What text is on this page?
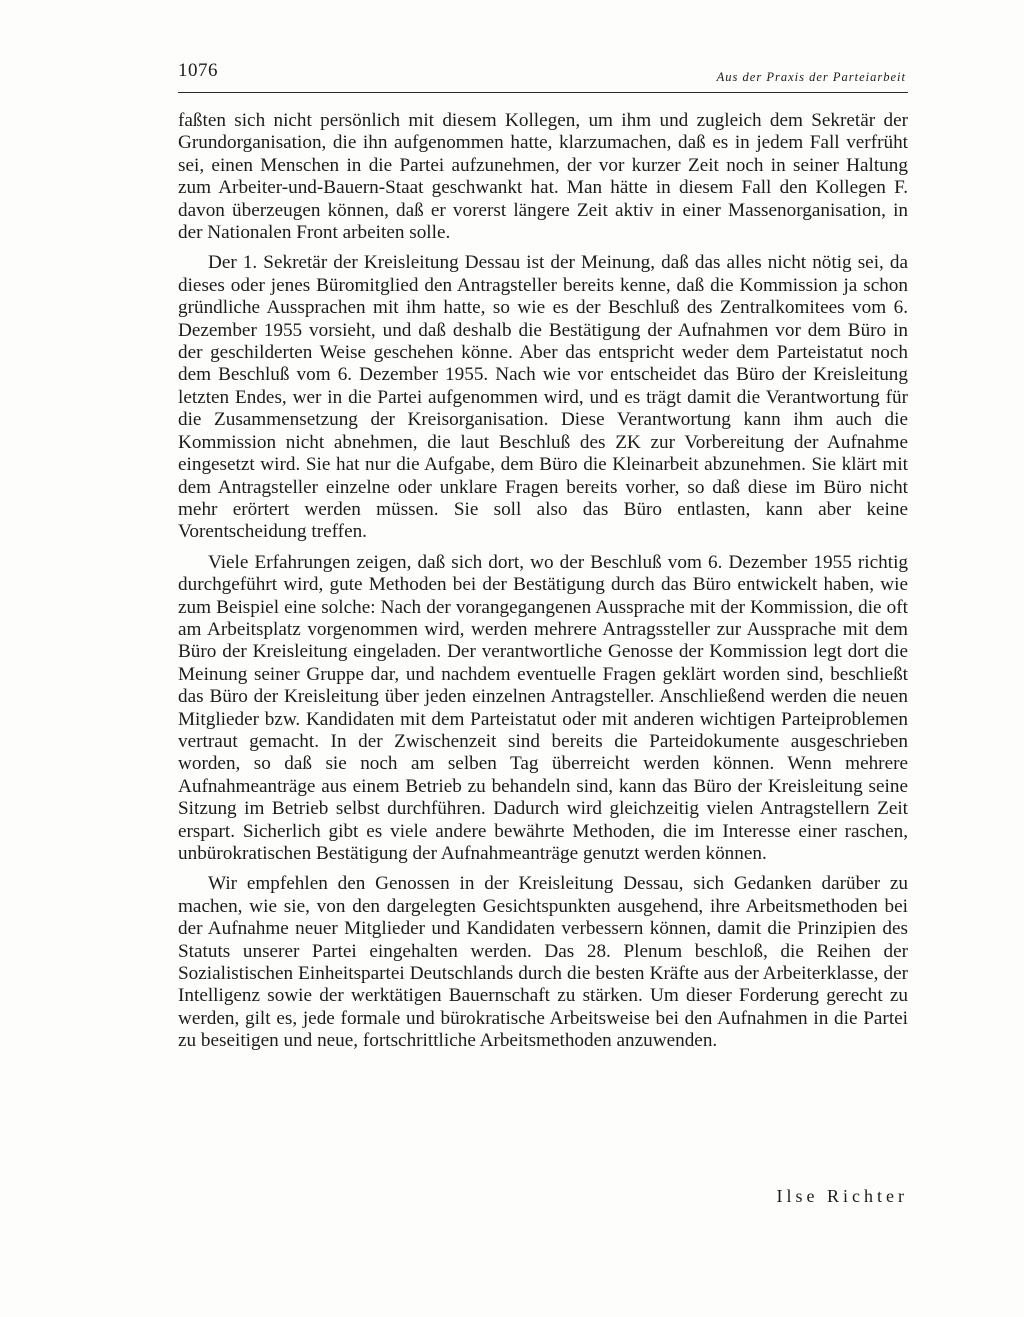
1076	Aus der Praxis der Parteiarbeit

faßten sich nicht persönlich mit diesem Kollegen, um ihm und zugleich dem Sekretär der Grundorganisation, die ihn aufgenommen hatte, klarzumachen, daß es in jedem Fall verfrüht sei, einen Menschen in die Partei aufzunehmen, der vor kurzer Zeit noch in seiner Haltung zum Arbeiter-und-Bauern-Staat geschwankt hat. Man hätte in diesem Fall den Kollegen F. davon überzeugen können, daß er vorerst längere Zeit aktiv in einer Massenorganisation, in der Nationalen Front arbeiten solle.

Der 1. Sekretär der Kreisleitung Dessau ist der Meinung, daß das alles nicht nötig sei, da dieses oder jenes Büromitglied den Antragsteller bereits kenne, daß die Kommission ja schon gründliche Aussprachen mit ihm hatte, so wie es der Beschluß des Zentralkomitees vom 6. Dezember 1955 vorsieht, und daß deshalb die Bestätigung der Aufnahmen vor dem Büro in der geschilderten Weise geschehen könne. Aber das entspricht weder dem Parteistatut noch dem Beschluß vom 6. Dezember 1955. Nach wie vor entscheidet das Büro der Kreisleitung letzten Endes, wer in die Partei aufgenommen wird, und es trägt damit die Verantwortung für die Zusammensetzung der Kreisorganisation. Diese Verantwortung kann ihm auch die Kommission nicht abnehmen, die laut Beschluß des ZK zur Vorbereitung der Aufnahme eingesetzt wird. Sie hat nur die Aufgabe, dem Büro die Kleinarbeit abzunehmen. Sie klärt mit dem Antragsteller einzelne oder unklare Fragen bereits vorher, so daß diese im Büro nicht mehr erörtert werden müssen. Sie soll also das Büro entlasten, kann aber keine Vorentscheidung treffen.

Viele Erfahrungen zeigen, daß sich dort, wo der Beschluß vom 6. Dezember 1955 richtig durchgeführt wird, gute Methoden bei der Bestätigung durch das Büro entwickelt haben, wie zum Beispiel eine solche: Nach der vorangegangenen Aussprache mit der Kommission, die oft am Arbeitsplatz vorgenommen wird, werden mehrere Antragssteller zur Aussprache mit dem Büro der Kreisleitung eingeladen. Der verantwortliche Genosse der Kommission legt dort die Meinung seiner Gruppe dar, und nachdem eventuelle Fragen geklärt worden sind, beschließt das Büro der Kreisleitung über jeden einzelnen Antragsteller. Anschließend werden die neuen Mitglieder bzw. Kandidaten mit dem Parteistatut oder mit anderen wichtigen Parteiproblemen vertraut gemacht. In der Zwischenzeit sind bereits die Parteidokumente ausgeschrieben worden, so daß sie noch am selben Tag überreicht werden können. Wenn mehrere Aufnahmeanträge aus einem Betrieb zu behandeln sind, kann das Büro der Kreisleitung seine Sitzung im Betrieb selbst durchführen. Dadurch wird gleichzeitig vielen Antragstellern Zeit erspart. Sicherlich gibt es viele andere bewährte Methoden, die im Interesse einer raschen, unbürokratischen Bestätigung der Aufnahmeanträge genutzt werden können.

Wir empfehlen den Genossen in der Kreisleitung Dessau, sich Gedanken darüber zu machen, wie sie, von den dargelegten Gesichtspunkten ausgehend, ihre Arbeitsmethoden bei der Aufnahme neuer Mitglieder und Kandidaten verbessern können, damit die Prinzipien des Statuts unserer Partei eingehalten werden. Das 28. Plenum beschloß, die Reihen der Sozialistischen Einheitspartei Deutschlands durch die besten Kräfte aus der Arbeiterklasse, der Intelligenz sowie der werktätigen Bauernschaft zu stärken. Um dieser Forderung gerecht zu werden, gilt es, jede formale und bürokratische Arbeitsweise bei den Aufnahmen in die Partei zu beseitigen und neue, fortschrittliche Arbeitsmethoden anzuwenden.

Ilse Richter
